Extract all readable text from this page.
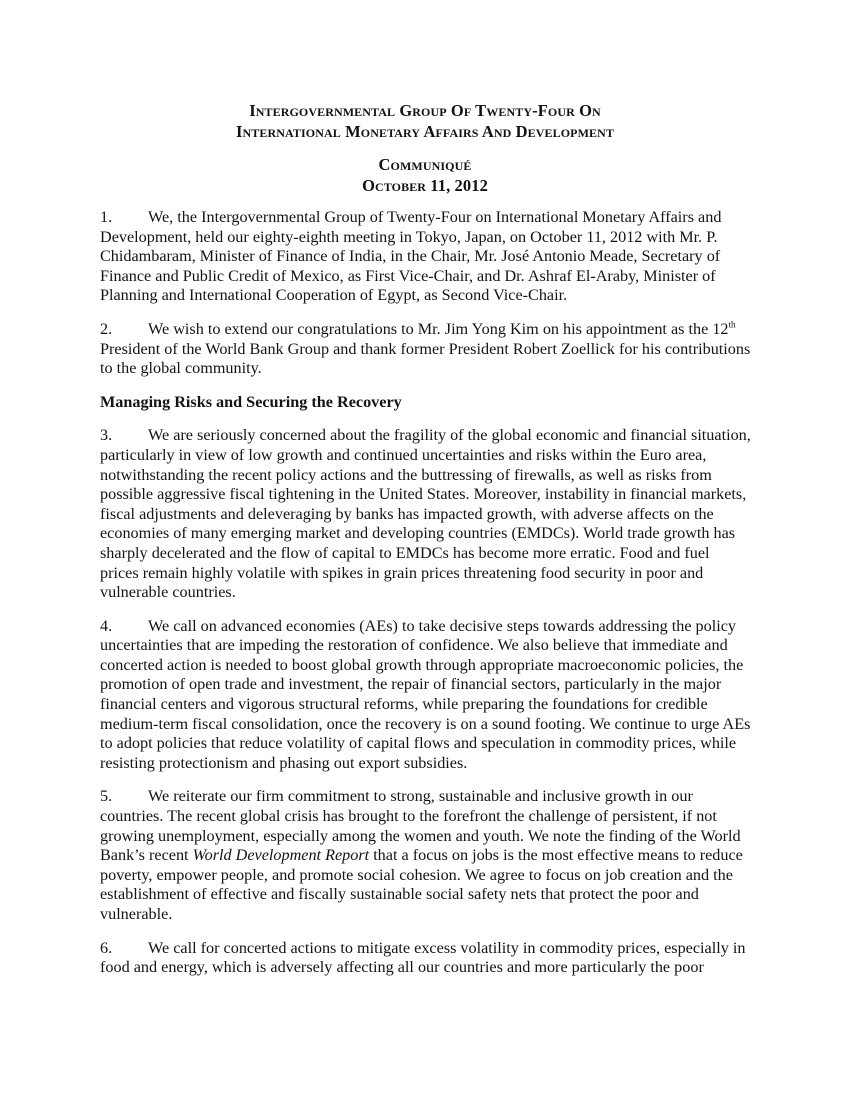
Intergovernmental Group Of Twenty-Four On
International Monetary Affairs And Development
Communiqué
October 11, 2012

1. We, the Intergovernmental Group of Twenty-Four on International Monetary Affairs and Development, held our eighty-eighth meeting in Tokyo, Japan, on October 11, 2012 with Mr. P. Chidambaram, Minister of Finance of India, in the Chair, Mr. José Antonio Meade, Secretary of Finance and Public Credit of Mexico, as First Vice-Chair, and Dr. Ashraf El-Araby, Minister of Planning and International Cooperation of Egypt, as Second Vice-Chair.

2. We wish to extend our congratulations to Mr. Jim Yong Kim on his appointment as the 12th President of the World Bank Group and thank former President Robert Zoellick for his contributions to the global community.

Managing Risks and Securing the Recovery

3. We are seriously concerned about the fragility of the global economic and financial situation, particularly in view of low growth and continued uncertainties and risks within the Euro area, notwithstanding the recent policy actions and the buttressing of firewalls, as well as risks from possible aggressive fiscal tightening in the United States. Moreover, instability in financial markets, fiscal adjustments and deleveraging by banks has impacted growth, with adverse affects on the economies of many emerging market and developing countries (EMDCs). World trade growth has sharply decelerated and the flow of capital to EMDCs has become more erratic. Food and fuel prices remain highly volatile with spikes in grain prices threatening food security in poor and vulnerable countries.

4. We call on advanced economies (AEs) to take decisive steps towards addressing the policy uncertainties that are impeding the restoration of confidence. We also believe that immediate and concerted action is needed to boost global growth through appropriate macroeconomic policies, the promotion of open trade and investment, the repair of financial sectors, particularly in the major financial centers and vigorous structural reforms, while preparing the foundations for credible medium-term fiscal consolidation, once the recovery is on a sound footing. We continue to urge AEs to adopt policies that reduce volatility of capital flows and speculation in commodity prices, while resisting protectionism and phasing out export subsidies.

5. We reiterate our firm commitment to strong, sustainable and inclusive growth in our countries. The recent global crisis has brought to the forefront the challenge of persistent, if not growing unemployment, especially among the women and youth. We note the finding of the World Bank’s recent World Development Report that a focus on jobs is the most effective means to reduce poverty, empower people, and promote social cohesion. We agree to focus on job creation and the establishment of effective and fiscally sustainable social safety nets that protect the poor and vulnerable.

6. We call for concerted actions to mitigate excess volatility in commodity prices, especially in food and energy, which is adversely affecting all our countries and more particularly the poor
